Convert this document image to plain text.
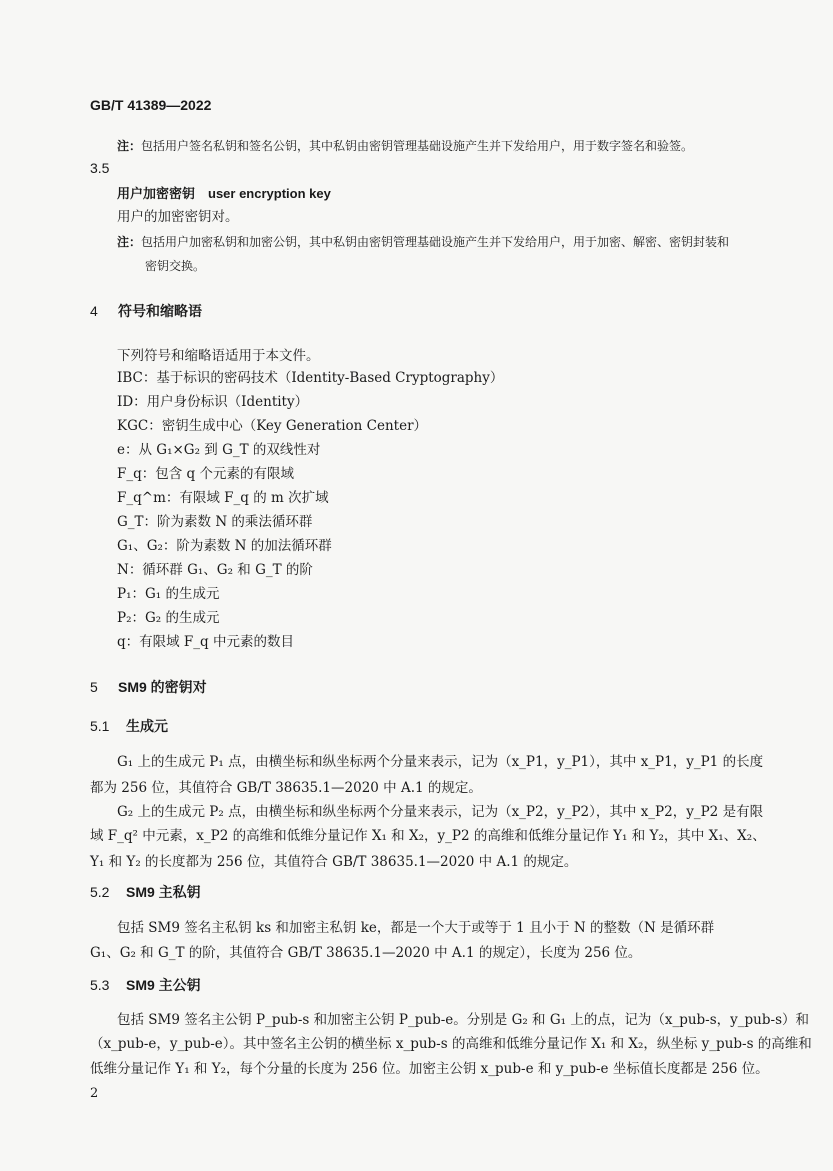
GB/T 41389—2022
注：包括用户签名私钥和签名公钥，其中私钥由密钥管理基础设施产生并下发给用户，用于数字签名和验签。
3.5
用户加密密钥　user encryption key
用户的加密密钥对。
注：包括用户加密私钥和加密公钥，其中私钥由密钥管理基础设施产生并下发给用户，用于加密、解密、密钥封装和
密钥交换。
4 符号和缩略语
下列符号和缩略语适用于本文件。
IBC：基于标识的密码技术（Identity-Based Cryptography）
ID：用户身份标识（Identity）
KGC：密钥生成中心（Key Generation Center）
e：从 G₁×G₂ 到 G_T 的双线性对
F_q：包含 q 个元素的有限域
F_q^m：有限域 F_q 的 m 次扩域
G_T：阶为素数 N 的乘法循环群
G₁、G₂：阶为素数 N 的加法循环群
N：循环群 G₁、G₂ 和 G_T 的阶
P₁：G₁ 的生成元
P₂：G₂ 的生成元
q：有限域 F_q 中元素的数目
5 SM9 的密钥对
5.1 生成元
G₁ 上的生成元 P₁ 点，由横坐标和纵坐标两个分量来表示，记为（x_P1，y_P1），其中 x_P1，y_P1 的长度
都为 256 位，其值符合 GB/T 38635.1—2020 中 A.1 的规定。
G₂ 上的生成元 P₂ 点，由横坐标和纵坐标两个分量来表示，记为（x_P2，y_P2），其中 x_P2，y_P2 是有限
域 F_q² 中元素，x_P2 的高维和低维分量记作 X₁ 和 X₂，y_P2 的高维和低维分量记作 Y₁ 和 Y₂，其中 X₁、X₂、
Y₁ 和 Y₂ 的长度都为 256 位，其值符合 GB/T 38635.1—2020 中 A.1 的规定。
5.2 SM9 主私钥
包括 SM9 签名主私钥 ks 和加密主私钥 ke，都是一个大于或等于 1 且小于 N 的整数（N 是循环群
G₁、G₂ 和 G_T 的阶，其值符合 GB/T 38635.1—2020 中 A.1 的规定），长度为 256 位。
5.3 SM9 主公钥
包括 SM9 签名主公钥 P_pub-s 和加密主公钥 P_pub-e。分别是 G₂ 和 G₁ 上的点，记为（x_pub-s，y_pub-s）和
（x_pub-e，y_pub-e）。其中签名主公钥的横坐标 x_pub-s 的高维和低维分量记作 X₁ 和 X₂，纵坐标 y_pub-s 的高维和
低维分量记作 Y₁ 和 Y₂，每个分量的长度为 256 位。加密主公钥 x_pub-e 和 y_pub-e 坐标值长度都是 256 位。
2
